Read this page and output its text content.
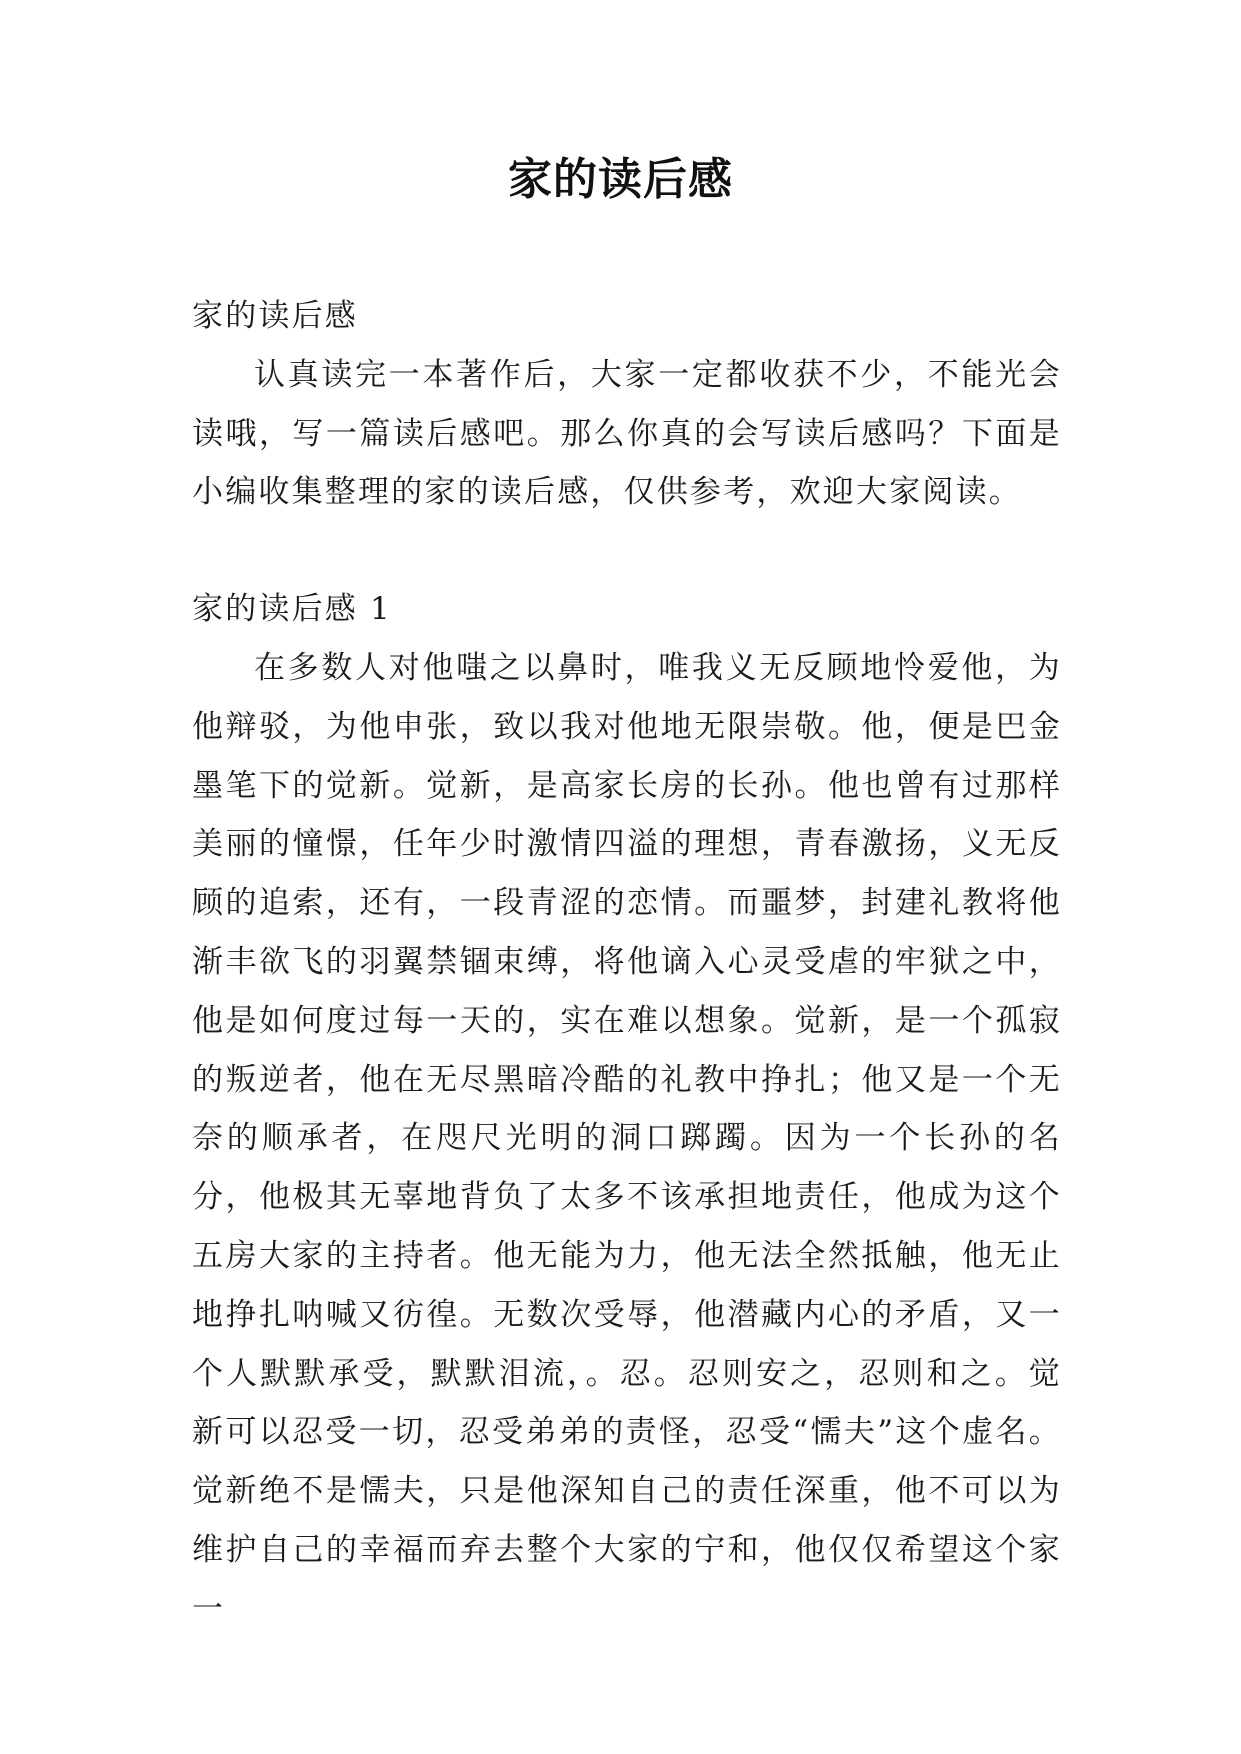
家的读后感

家的读后感

认真读完一本著作后，大家一定都收获不少，不能光会读哦，写一篇读后感吧。那么你真的会写读后感吗？下面是小编收集整理的家的读后感，仅供参考，欢迎大家阅读。

家的读后感 1

在多数人对他嗤之以鼻时，唯我义无反顾地怜爱他，为他辩驳，为他申张，致以我对他地无限崇敬。他，便是巴金墨笔下的觉新。觉新，是高家长房的长孙。他也曾有过那样美丽的憧憬，任年少时激情四溢的理想，青春激扬，义无反顾的追索，还有，一段青涩的恋情。而噩梦，封建礼教将他渐丰欲飞的羽翼禁锢束缚，将他谪入心灵受虐的牢狱之中，他是如何度过每一天的，实在难以想象。觉新，是一个孤寂的叛逆者，他在无尽黑暗冷酷的礼教中挣扎；他又是一个无奈的顺承者，在咫尺光明的洞口踯躅。因为一个长孙的名分，他极其无辜地背负了太多不该承担地责任，他成为这个五房大家的主持者。他无能为力，他无法全然抵触，他无止地挣扎呐喊又彷徨。无数次受辱，他潜藏内心的矛盾，又一个人默默承受，默默泪流，。忍。忍则安之，忍则和之。觉新可以忍受一切，忍受弟弟的责怪，忍受“懦夫”这个虚名。觉新绝不是懦夫，只是他深知自己的责任深重，他不可以为维护自己的幸福而弃去整个大家的宁和，他仅仅希望这个家一
